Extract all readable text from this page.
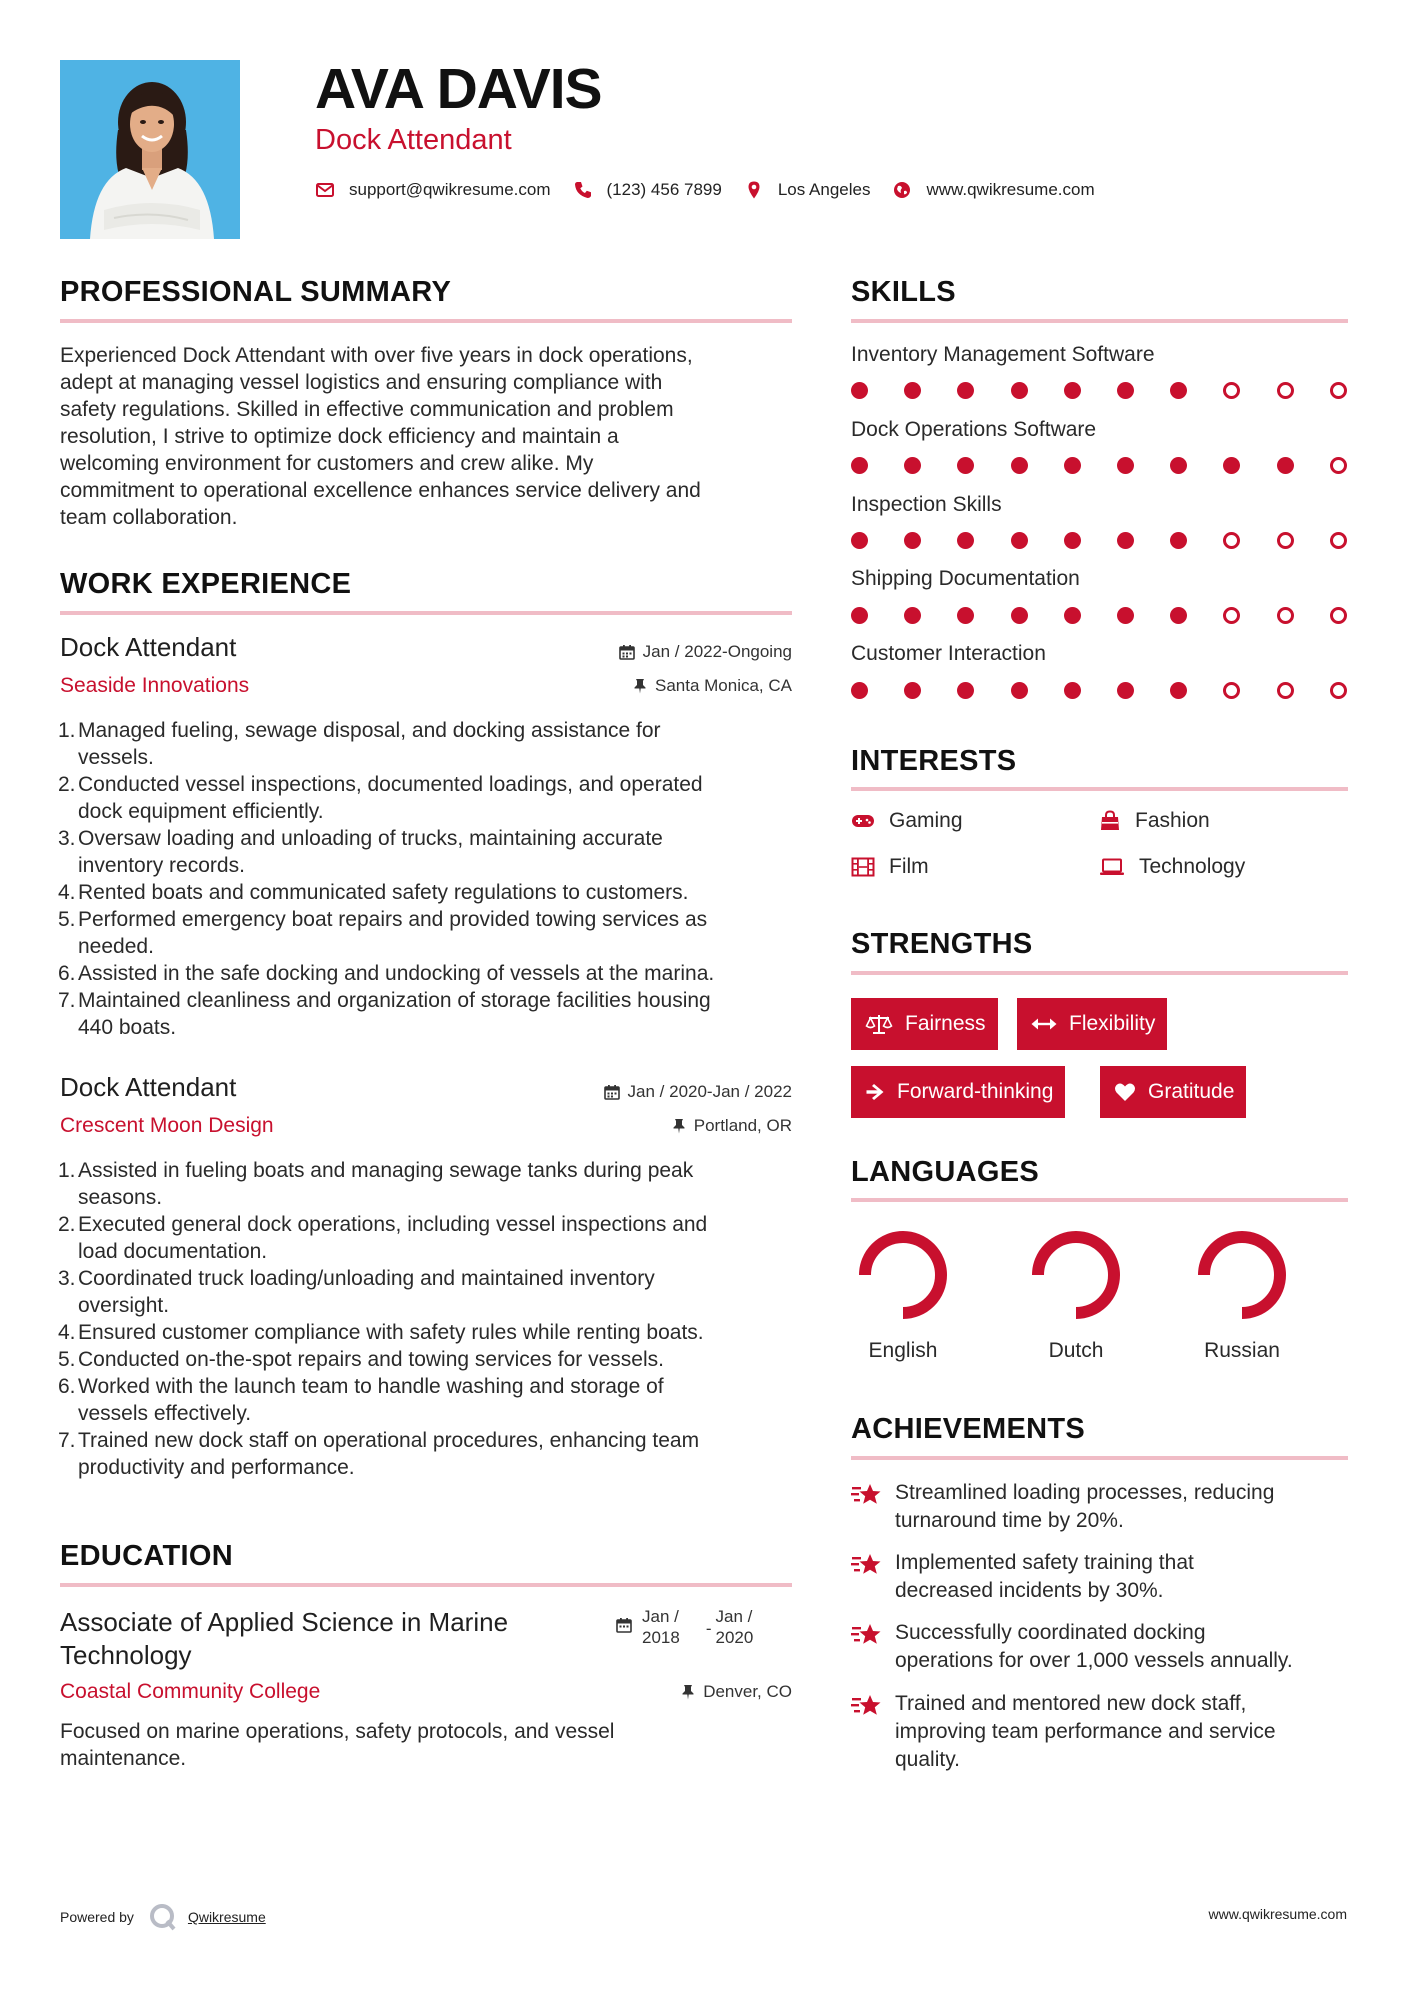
AVA DAVIS
Dock Attendant
support@qwikresume.com	(123) 456 7899	Los Angeles	www.qwikresume.com
PROFESSIONAL SUMMARY
Experienced Dock Attendant with over five years in dock operations,
adept at managing vessel logistics and ensuring compliance with
safety regulations. Skilled in effective communication and problem
resolution, I strive to optimize dock efficiency and maintain a
welcoming environment for customers and crew alike. My
commitment to operational excellence enhances service delivery and
team collaboration.
WORK EXPERIENCE
Dock Attendant
Seaside Innovations
Jan / 2022-Ongoing
Santa Monica, CA
1. Managed fueling, sewage disposal, and docking assistance for
vessels.
2. Conducted vessel inspections, documented loadings, and operated
dock equipment efficiently.
3. Oversaw loading and unloading of trucks, maintaining accurate
inventory records.
4. Rented boats and communicated safety regulations to customers.
5. Performed emergency boat repairs and provided towing services as
needed.
6. Assisted in the safe docking and undocking of vessels at the marina.
7. Maintained cleanliness and organization of storage facilities housing
440 boats.
Dock Attendant
Crescent Moon Design
Jan / 2020-Jan / 2022
Portland, OR
1. Assisted in fueling boats and managing sewage tanks during peak
seasons.
2. Executed general dock operations, including vessel inspections and
load documentation.
3. Coordinated truck loading/unloading and maintained inventory
oversight.
4. Ensured customer compliance with safety rules while renting boats.
5. Conducted on-the-spot repairs and towing services for vessels.
6. Worked with the launch team to handle washing and storage of
vessels effectively.
7. Trained new dock staff on operational procedures, enhancing team
productivity and performance.
EDUCATION
Associate of Applied Science in Marine
Technology
Coastal Community College
Jan /
2018 -
Jan /
2020
Denver, CO
Focused on marine operations, safety protocols, and vessel
maintenance.
SKILLS
Inventory Management Software
Dock Operations Software
Inspection Skills
Shipping Documentation
Customer Interaction
INTERESTS
Gaming	Fashion
Film	Technology
STRENGTHS
Fairness	Flexibility
Forward-thinking	Gratitude
LANGUAGES
English	Dutch	Russian
ACHIEVEMENTS
Streamlined loading processes, reducing
turnaround time by 20%.
Implemented safety training that
decreased incidents by 30%.
Successfully coordinated docking
operations for over 1,000 vessels annually.
Trained and mentored new dock staff,
improving team performance and service
quality.
Powered by	Qwikresume	www.qwikresume.com
